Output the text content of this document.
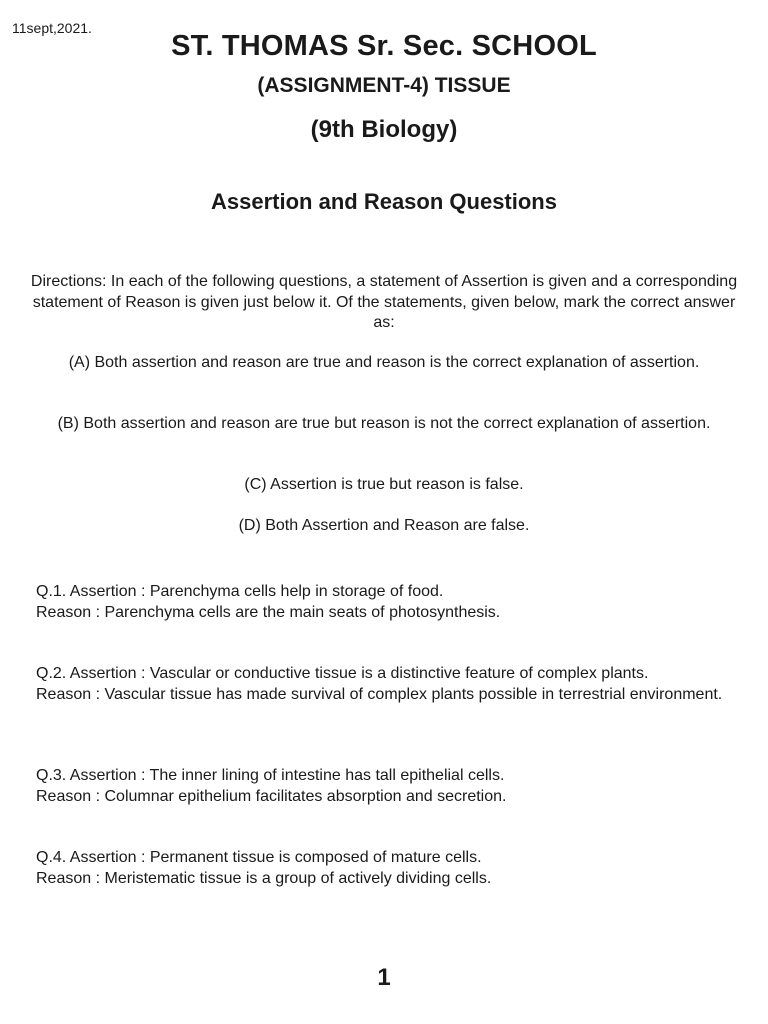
11sept,2021.
ST. THOMAS Sr. Sec. SCHOOL
(ASSIGNMENT-4) TISSUE
(9th Biology)
Assertion and Reason Questions

Directions: In each of the following questions, a statement of Assertion is given and a corresponding statement of Reason is given just below it. Of the statements, given below, mark the correct answer as:

(A) Both assertion and reason are true and reason is the correct explanation of assertion.

(B) Both assertion and reason are true but reason is not the correct explanation of assertion.

(C) Assertion is true but reason is false.

(D) Both Assertion and Reason are false.

Q.1. Assertion : Parenchyma cells help in storage of food.

Reason : Parenchyma cells are the main seats of photosynthesis.

Q.2. Assertion : Vascular or conductive tissue is a distinctive feature of complex plants.

Reason : Vascular tissue has made survival of complex plants possible in terrestrial environment.

Q.3. Assertion : The inner lining of intestine has tall epithelial cells.

Reason : Columnar epithelium facilitates absorption and secretion.

Q.4. Assertion : Permanent tissue is composed of mature cells.

Reason : Meristematic tissue is a group of actively dividing cells.

1
